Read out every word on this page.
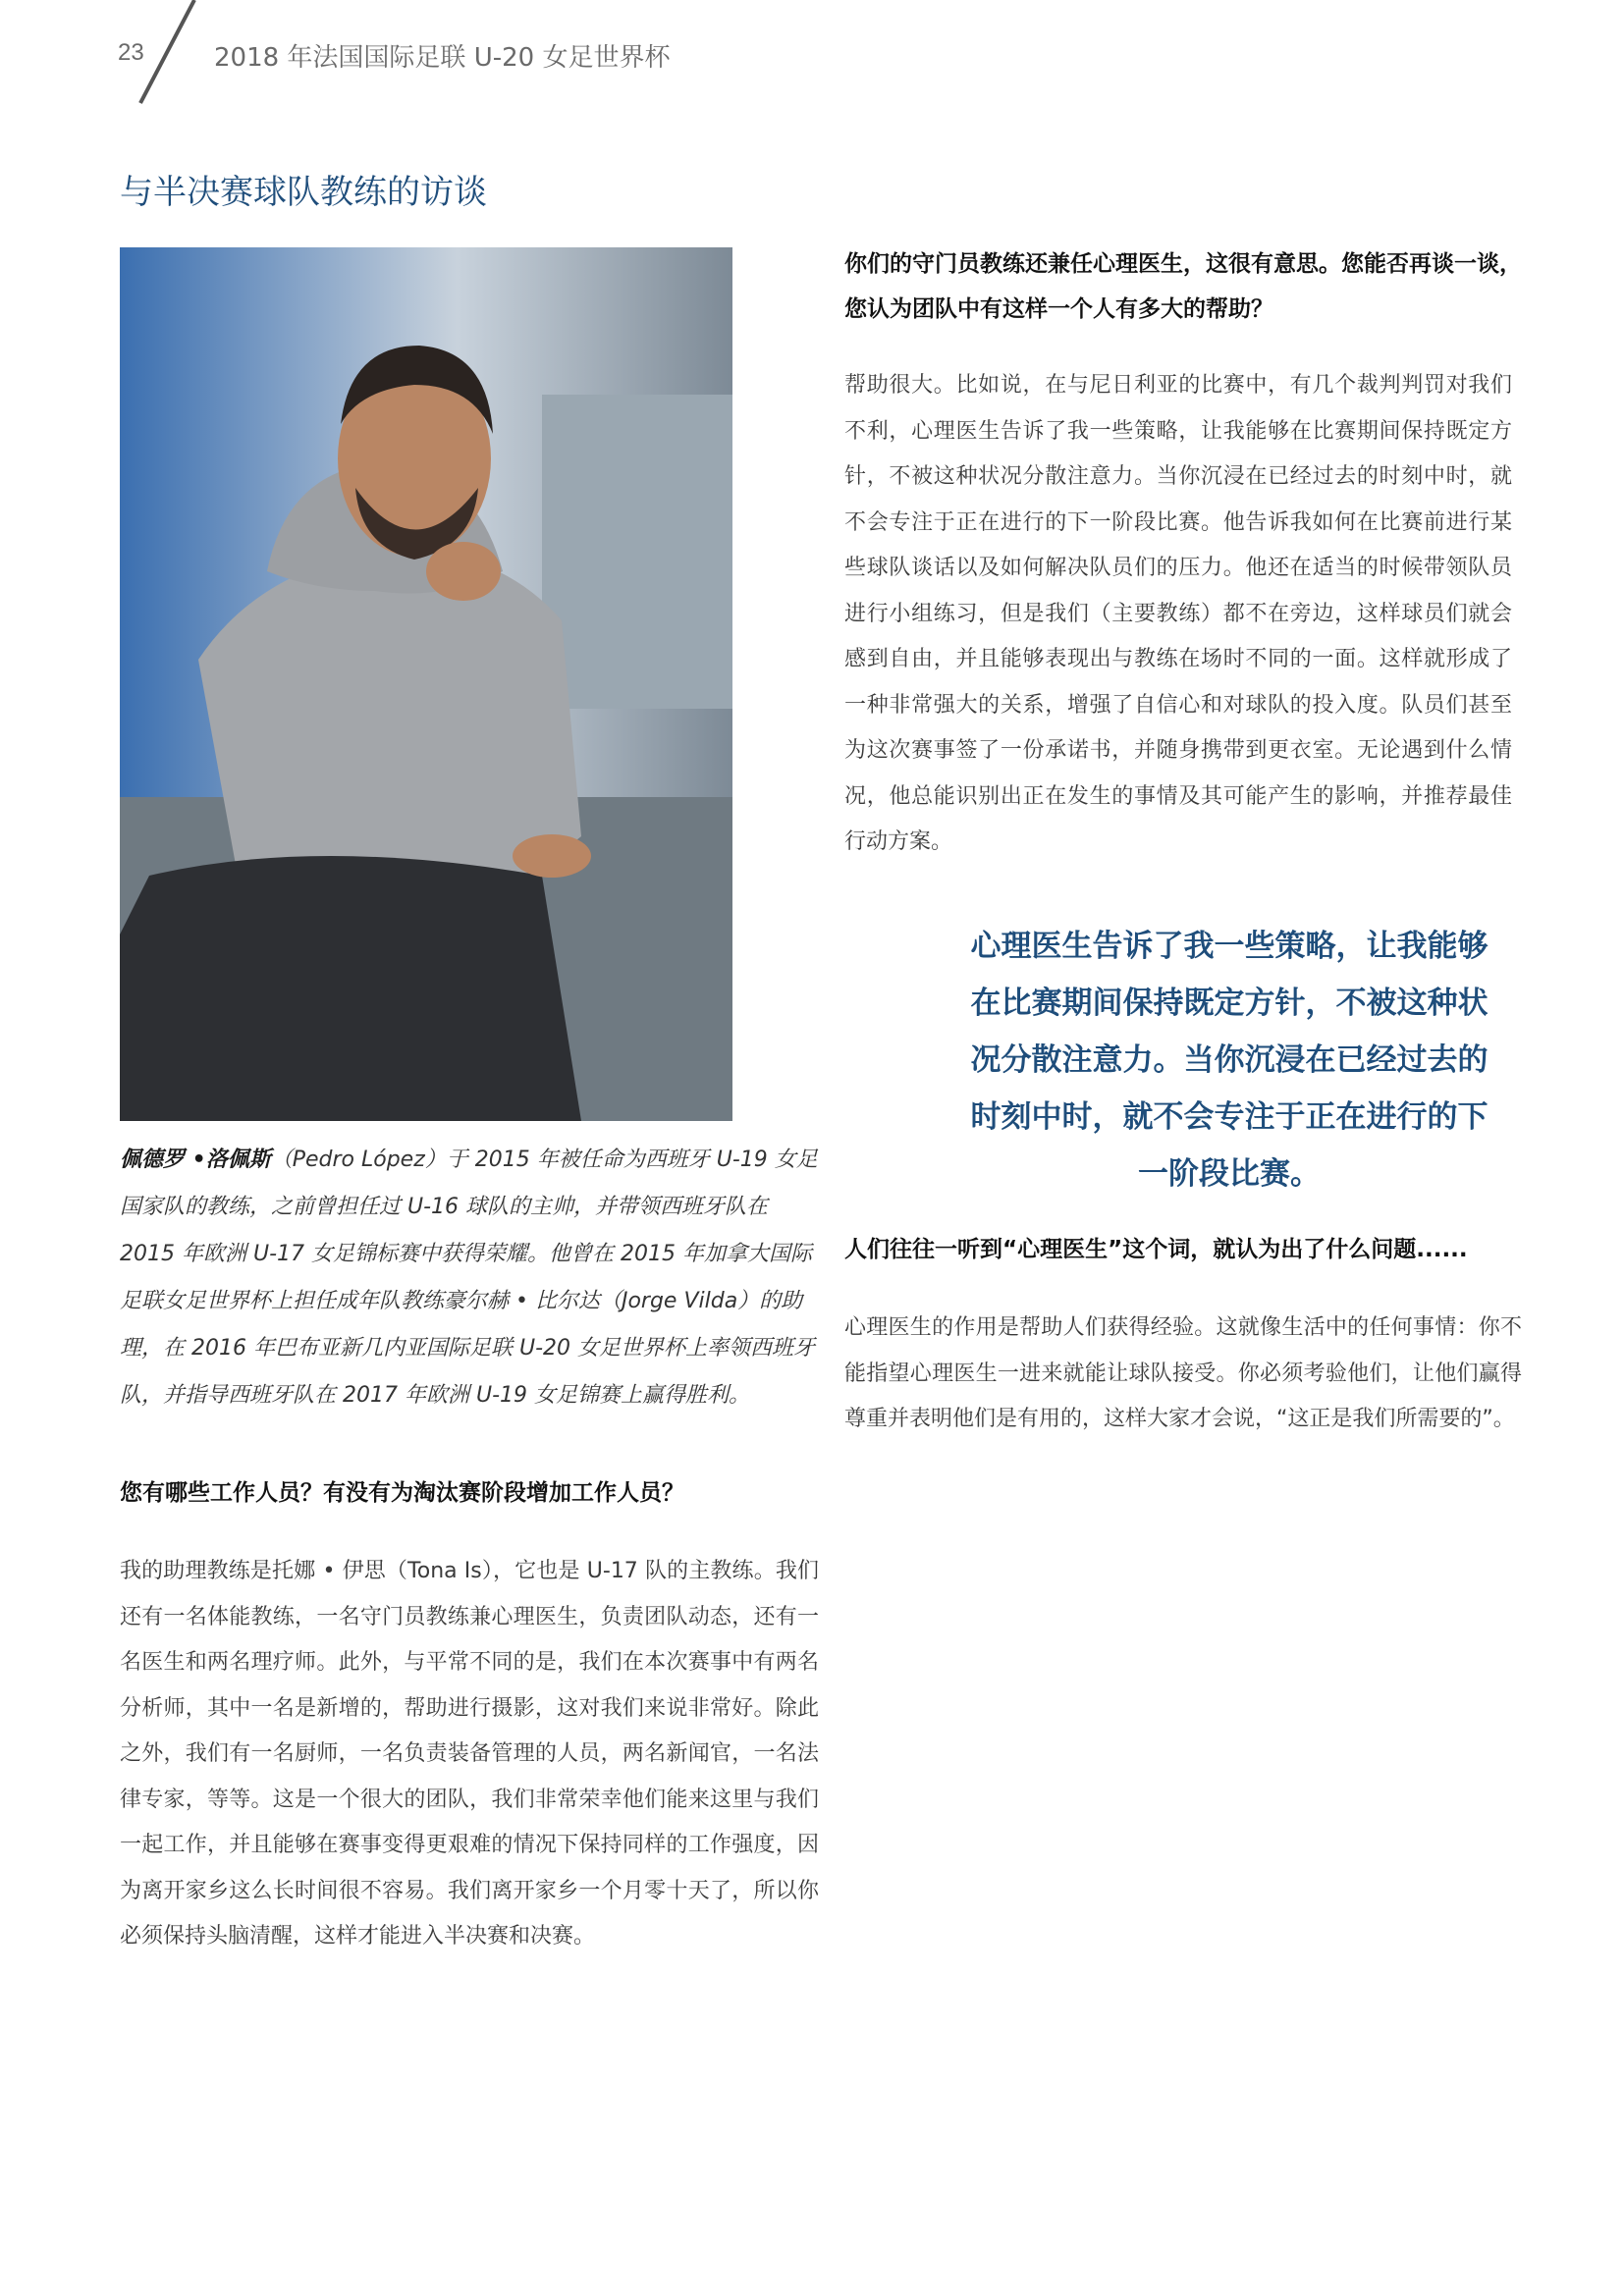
23	2018 年法国国际足联 U-20 女足世界杯
与半决赛球队教练的访谈
佩德罗 •洛佩斯（Pedro López）于 2015 年被任命为西班牙 U-19 女足国家队的教练，之前曾担任过 U-16 球队的主帅，并带领西班牙队在 2015 年欧洲 U-17 女足锦标赛中获得荣耀。他曾在 2015 年加拿大国际足联女足世界杯上担任成年队教练豪尔赫 • 比尔达（Jorge Vilda）的助理，在 2016 年巴布亚新几内亚国际足联 U-20 女足世界杯上率领西班牙队，并指导西班牙队在 2017 年欧洲 U-19 女足锦赛上赢得胜利。
您有哪些工作人员？有没有为淘汰赛阶段增加工作人员？
我的助理教练是托娜 • 伊思（Tona Is），它也是 U-17 队的主教练。我们还有一名体能教练，一名守门员教练兼心理医生，负责团队动态，还有一名医生和两名理疗师。此外，与平常不同的是，我们在本次赛事中有两名分析师，其中一名是新增的，帮助进行摄影，这对我们来说非常好。除此之外，我们有一名厨师，一名负责装备管理的人员，两名新闻官，一名法律专家，等等。这是一个很大的团队，我们非常荣幸他们能来这里与我们一起工作，并且能够在赛事变得更艰难的情况下保持同样的工作强度，因为离开家乡这么长时间很不容易。我们离开家乡一个月零十天了，所以你必须保持头脑清醒，这样才能进入半决赛和决赛。
你们的守门员教练还兼任心理医生，这很有意思。您能否再谈一谈，您认为团队中有这样一个人有多大的帮助？
帮助很大。比如说，在与尼日利亚的比赛中，有几个裁判判罚对我们不利，心理医生告诉了我一些策略，让我能够在比赛期间保持既定方针，不被这种状况分散注意力。当你沉浸在已经过去的时刻中时，就不会专注于正在进行的下一阶段比赛。他告诉我如何在比赛前进行某些球队谈话以及如何解决队员们的压力。他还在适当的时候带领队员进行小组练习，但是我们（主要教练）都不在旁边，这样球员们就会感到自由，并且能够表现出与教练在场时不同的一面。这样就形成了一种非常强大的关系，增强了自信心和对球队的投入度。队员们甚至为这次赛事签了一份承诺书，并随身携带到更衣室。无论遇到什么情况，他总能识别出正在发生的事情及其可能产生的影响，并推荐最佳行动方案。
心理医生告诉了我一些策略，让我能够
在比赛期间保持既定方针，不被这种状
况分散注意力。当你沉浸在已经过去的
时刻中时，就不会专注于正在进行的下
一阶段比赛。
人们往往一听到“心理医生”这个词，就认为出了什么问题......
心理医生的作用是帮助人们获得经验。这就像生活中的任何事情：你不能指望心理医生一进来就能让球队接受。你必须考验他们，让他们赢得尊重并表明他们是有用的，这样大家才会说，“这正是我们所需要的”。
